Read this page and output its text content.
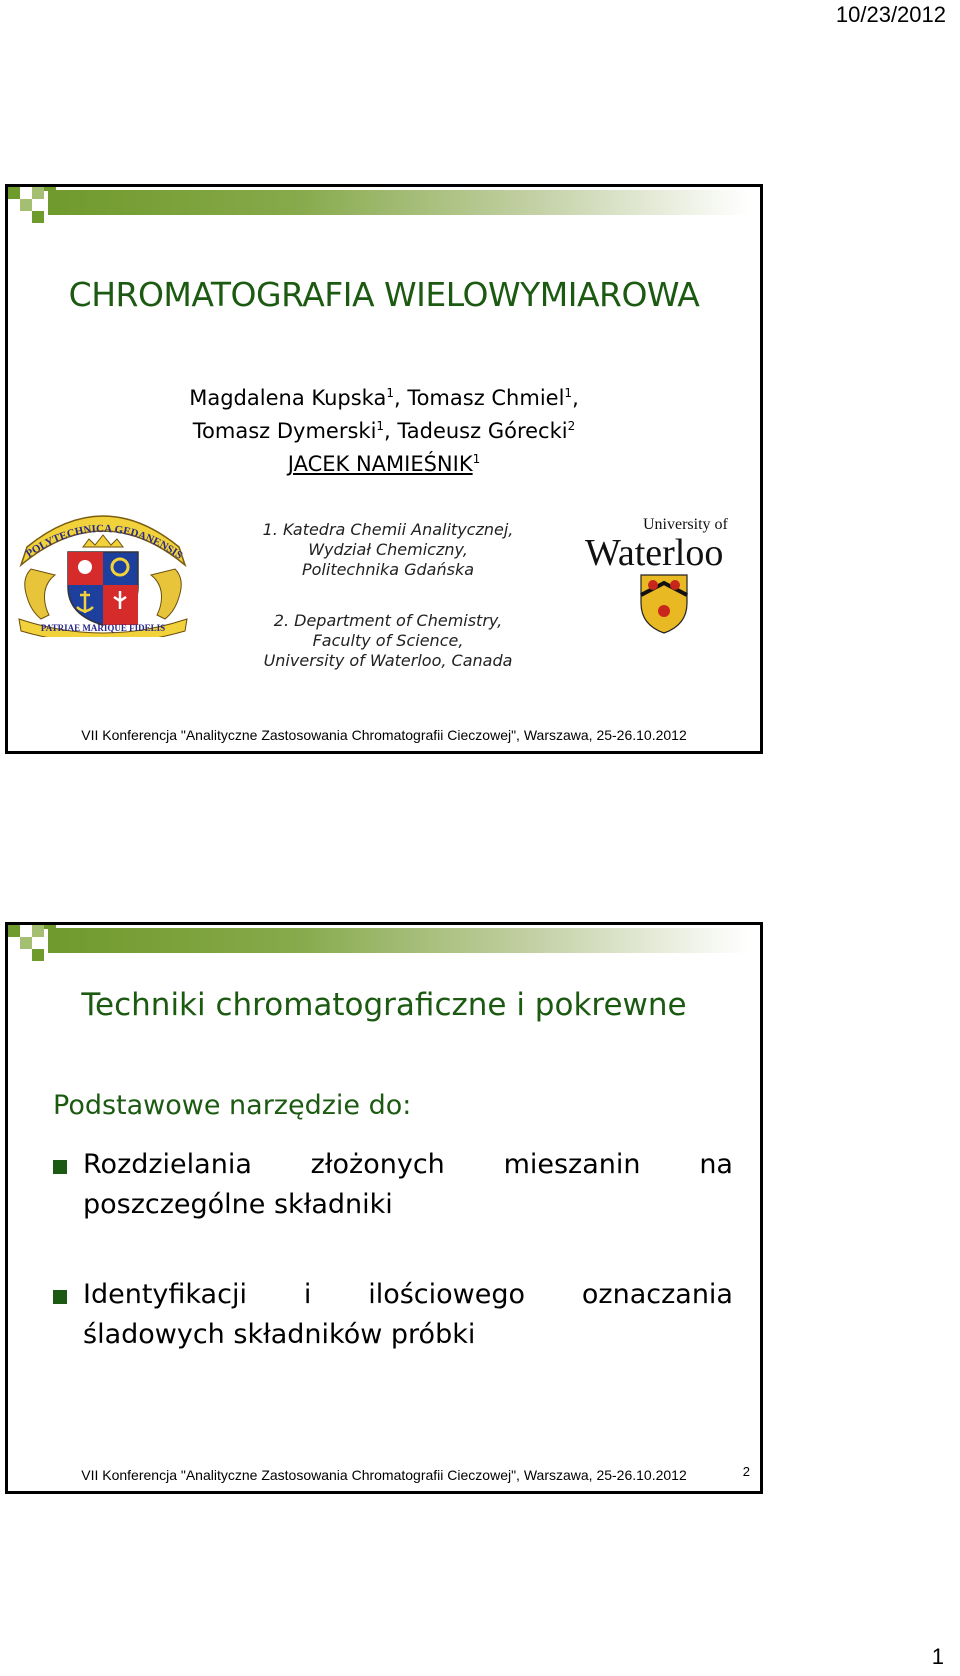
10/23/2012
CHROMATOGRAFIA WIELOWYMIAROWA
Magdalena Kupska$^1$, Tomasz Chmiel$^1$,
Tomasz Dymerski$^1$, Tadeusz Górecki$^2$
JACEK NAMIEŚNIK$^1$
1. Katedra Chemii Analitycznej,
Wydział Chemiczny,
Politechnika Gdańska
2. Department of Chemistry,
Faculty of Science,
University of Waterloo, Canada
POLYTECHNICA GEDANENSIS
PATRIAE MARIQUE FIDELIS
University of
Waterloo
VII Konferencja "Analityczne Zastosowania Chromatografii Cieczowej", Warszawa, 25-26.10.2012
Techniki chromatograficzne i pokrewne
Podstawowe narzędzie do:
Rozdzielania złożonych mieszanin na
poszczególne składniki
Identyfikacji i ilościowego oznaczania
śladowych składników próbki
VII Konferencja "Analityczne Zastosowania Chromatografii Cieczowej", Warszawa, 25-26.10.2012	2
1
